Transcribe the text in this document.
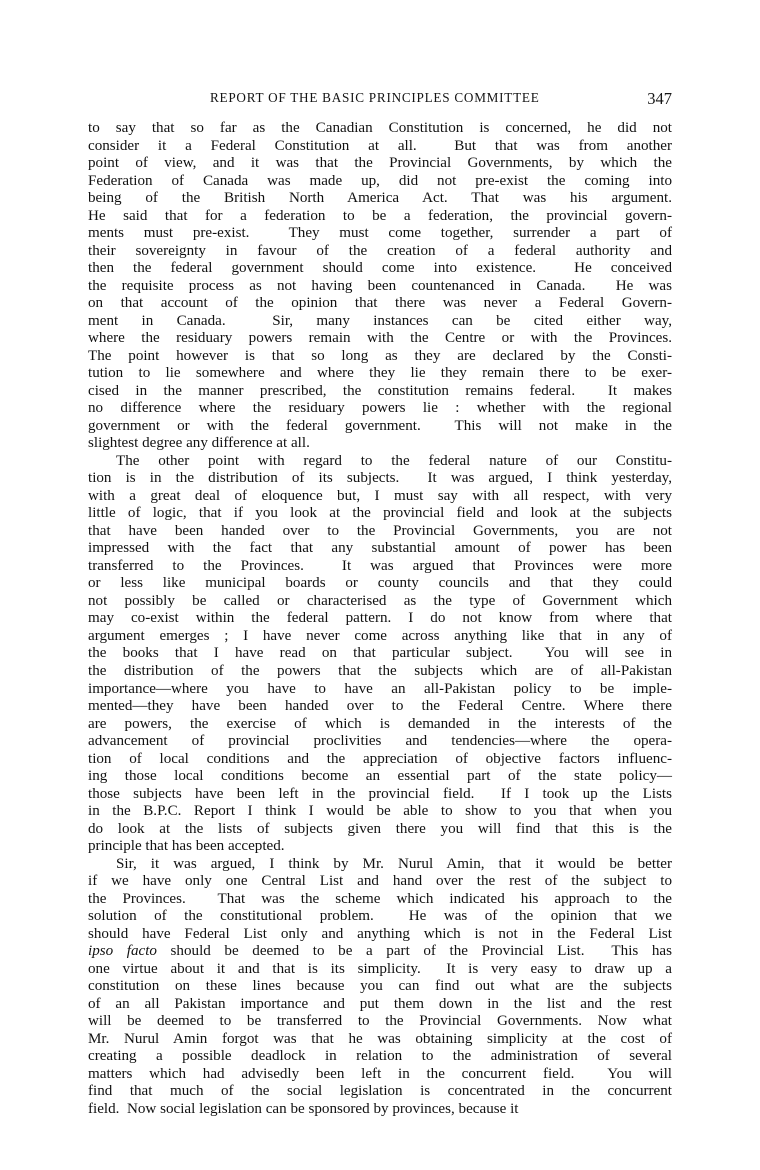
REPORT OF THE BASIC PRINCIPLES COMMITTEE	347

to say that so far as the Canadian Constitution is concerned, he did not
consider it a Federal Constitution at all.  But that was from another
point of view, and it was that the Provincial Governments, by which the
Federation of Canada was made up, did not pre-exist the coming into
being of the British North America Act. That was his argument.
He said that for a federation to be a federation, the provincial govern-
ments must pre-exist.  They must come together, surrender a part of
their sovereignty in favour of the creation of a federal authority and
then the federal government should come into existence.  He conceived
the requisite process as not having been countenanced in Canada.  He was
on that account of the opinion that there was never a Federal Govern-
ment in Canada.  Sir, many instances can be cited either way,
where the residuary powers remain with the Centre or with the Provinces.
The point however is that so long as they are declared by the Consti-
tution to lie somewhere and where they lie they remain there to be exer-
cised in the manner prescribed, the constitution remains federal.  It makes
no difference where the residuary powers lie : whether with the regional
government or with the federal government.  This will not make in the
slightest degree any difference at all.

The other point with regard to the federal nature of our Constitu-
tion is in the distribution of its subjects.  It was argued, I think yesterday,
with a great deal of eloquence but, I must say with all respect, with very
little of logic, that if you look at the provincial field and look at the subjects
that have been handed over to the Provincial Governments, you are not
impressed with the fact that any substantial amount of power has been
transferred to the Provinces.  It was argued that Provinces were more
or less like municipal boards or county councils and that they could
not possibly be called or characterised as the type of Government which
may co-exist within the federal pattern. I do not know from where that
argument emerges ; I have never come across anything like that in any of
the books that I have read on that particular subject.  You will see in
the distribution of the powers that the subjects which are of all-Pakistan
importance—where you have to have an all-Pakistan policy to be imple-
mented—they have been handed over to the Federal Centre. Where there
are powers, the exercise of which is demanded in the interests of the
advancement of provincial proclivities and tendencies—where the opera-
tion of local conditions and the appreciation of objective factors influenc-
ing those local conditions become an essential part of the state policy—
those subjects have been left in the provincial field.  If I took up the Lists
in the B.P.C. Report I think I would be able to show to you that when you
do look at the lists of subjects given there you will find that this is the
principle that has been accepted.

Sir, it was argued, I think by Mr. Nurul Amin, that it would be better
if we have only one Central List and hand over the rest of the subject to
the Provinces.  That was the scheme which indicated his approach to the
solution of the constitutional problem.  He was of the opinion that we
should have Federal List only and anything which is not in the Federal List
ipso facto should be deemed to be a part of the Provincial List.  This has
one virtue about it and that is its simplicity.  It is very easy to draw up a
constitution on these lines because you can find out what are the subjects
of an all Pakistan importance and put them down in the list and the rest
will be deemed to be transferred to the Provincial Governments. Now what
Mr. Nurul Amin forgot was that he was obtaining simplicity at the cost of
creating a possible deadlock in relation to the administration of several
matters which had advisedly been left in the concurrent field.  You will
find that much of the social legislation is concentrated in the concurrent
field.  Now social legislation can be sponsored by provinces, because it
